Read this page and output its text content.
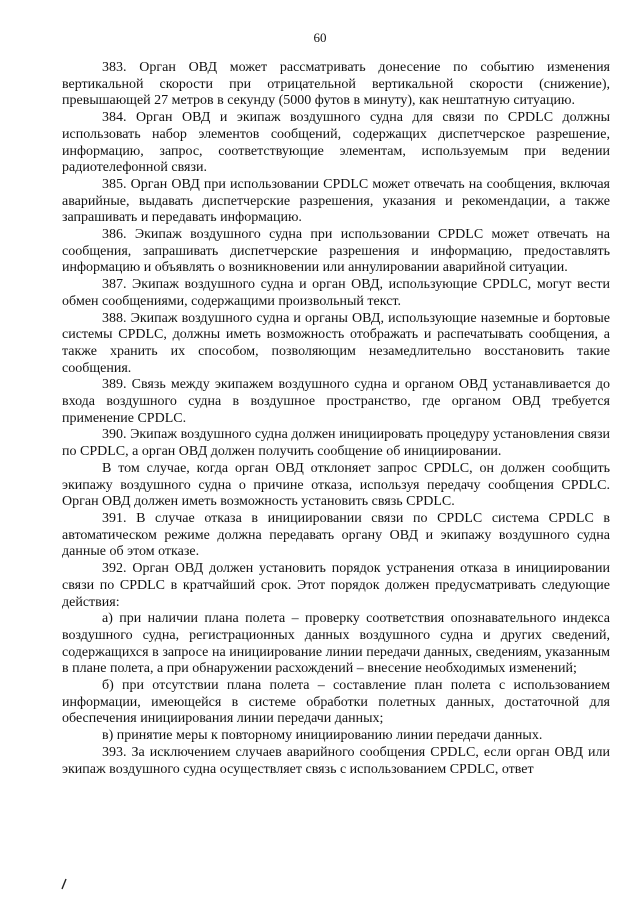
60

383. Орган ОВД может рассматривать донесение по событию изменения вертикальной скорости при отрицательной вертикальной скорости (снижение), превышающей 27 метров в секунду (5000 футов в минуту), как нештатную ситуацию.

384. Орган ОВД и экипаж воздушного судна для связи по CPDLC должны использовать набор элементов сообщений, содержащих диспетчерское разрешение, информацию, запрос, соответствующие элементам, используемым при ведении радиотелефонной связи.

385. Орган ОВД при использовании CPDLC может отвечать на сообщения, включая аварийные, выдавать диспетчерские разрешения, указания и рекомендации, а также запрашивать и передавать информацию.

386. Экипаж воздушного судна при использовании CPDLC может отвечать на сообщения, запрашивать диспетчерские разрешения и информацию, предоставлять информацию и объявлять о возникновении или аннулировании аварийной ситуации.

387. Экипаж воздушного судна и орган ОВД, использующие CPDLC, могут вести обмен сообщениями, содержащими произвольный текст.

388. Экипаж воздушного судна и органы ОВД, использующие наземные и бортовые системы CPDLC, должны иметь возможность отображать и распечатывать сообщения, а также хранить их способом, позволяющим незамедлительно восстановить такие сообщения.

389. Связь между экипажем воздушного судна и органом ОВД устанавливается до входа воздушного судна в воздушное пространство, где органом ОВД требуется применение CPDLC.

390. Экипаж воздушного судна должен инициировать процедуру установления связи по CPDLC, а орган ОВД должен получить сообщение об инициировании.

В том случае, когда орган ОВД отклоняет запрос CPDLC, он должен сообщить экипажу воздушного судна о причине отказа, используя передачу сообщения CPDLC. Орган ОВД должен иметь возможность установить связь CPDLC.

391. В случае отказа в инициировании связи по CPDLC система CPDLC в автоматическом режиме должна передавать органу ОВД и экипажу воздушного судна данные об этом отказе.

392. Орган ОВД должен установить порядок устранения отказа в инициировании связи по CPDLC в кратчайший срок. Этот порядок должен предусматривать следующие действия:

а) при наличии плана полета – проверку соответствия опознавательного индекса воздушного судна, регистрационных данных воздушного судна и других сведений, содержащихся в запросе на инициирование линии передачи данных, сведениям, указанным в плане полета, а при обнаружении расхождений – внесение необходимых изменений;

б) при отсутствии плана полета – составление план полета с использованием информации, имеющейся в системе обработки полетных данных, достаточной для обеспечения инициирования линии передачи данных;

в) принятие меры к повторному инициированию линии передачи данных.

393. За исключением случаев аварийного сообщения CPDLC, если орган ОВД или экипаж воздушного судна осуществляет связь с использованием CPDLC, ответ
